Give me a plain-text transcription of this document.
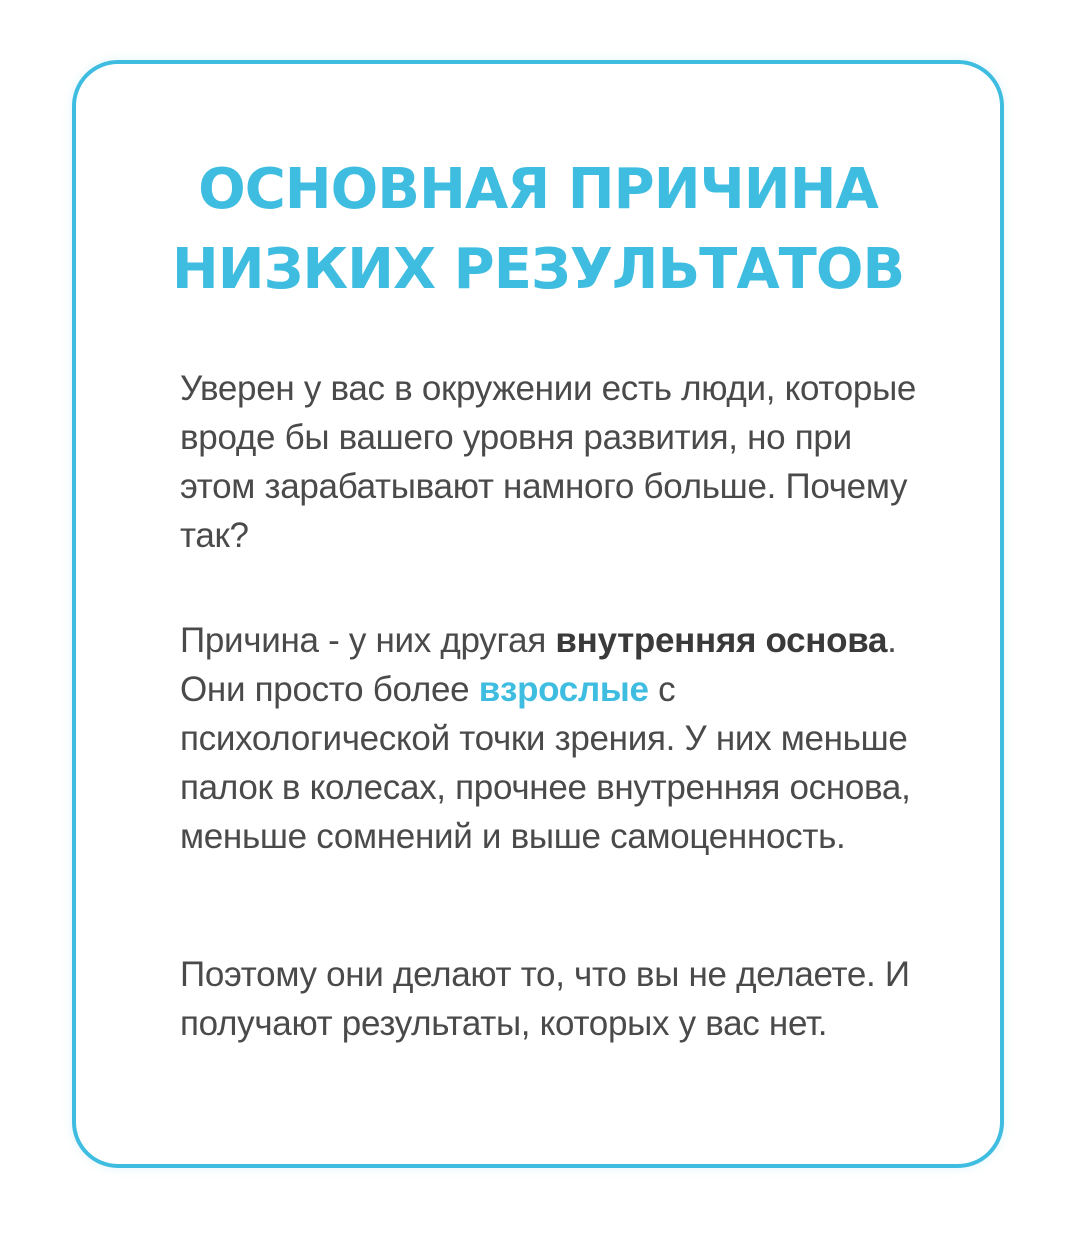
ОСНОВНАЯ ПРИЧИНА
НИЗКИХ РЕЗУЛЬТАТОВ

Уверен у вас в окружении есть люди, которые вроде бы вашего уровня развития, но при этом зарабатывают намного больше. Почему так?

Причина - у них другая внутренняя основа. Они просто более взрослые с психологической точки зрения. У них меньше палок в колесах, прочнее внутренняя основа, меньше сомнений и выше самоценность.

Поэтому они делают то, что вы не делаете. И получают результаты, которых у вас нет.
